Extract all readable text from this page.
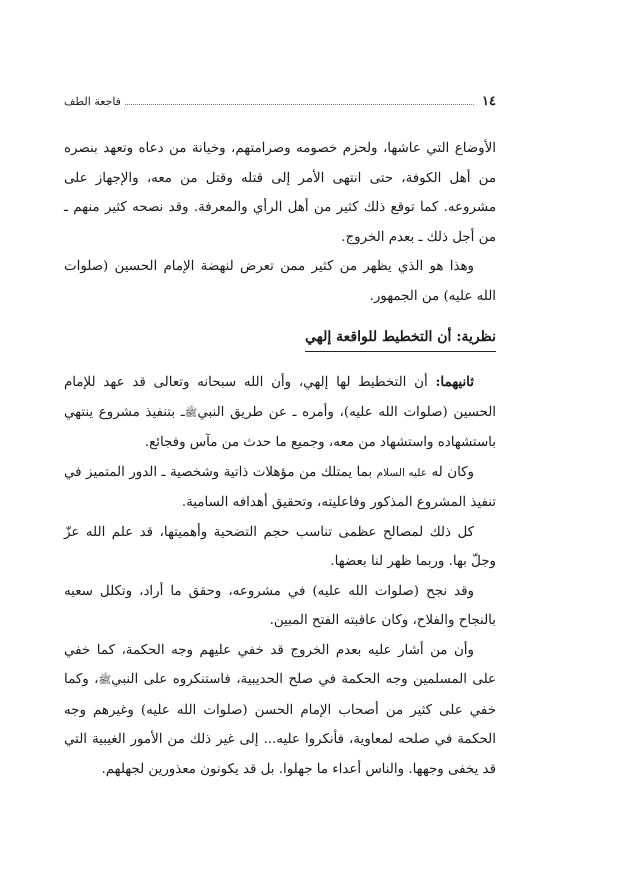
١٤
فاجعة الطف

الأوضاع التي عاشها، ولحزم خصومه وصرامتهم، وخيانة من دعاه وتعهد بنصره من أهل الكوفة، حتى انتهى الأمر إلى قتله وقتل من معه، والإجهاز على مشروعه. كما توقع ذلك كثير من أهل الرأي والمعرفة. وقد نصحه كثير منهم ـ من أجل ذلك ـ بعدم الخروج.

وهذا هو الذي يظهر من كثير ممن تعرض لنهضة الإمام الحسين (صلوات الله عليه) من الجمهور.

نظرية: أن التخطيط للواقعة إلهي

ثانيهما: أن التخطيط لها إلهي، وأن الله سبحانه وتعالى قد عهد للإمام الحسين (صلوات الله عليه)، وأمره ـ عن طريق النبيﷺـ بتنفيذ مشروع ينتهي باستشهاده واستشهاد من معه، وجميع ما حدث من مآس وفجائع.

وكان له عليه السلام بما يمتلك من مؤهلات ذاتية وشخصية ـ الدور المتميز في تنفيذ المشروع المذكور وفاعليته، وتحقيق أهدافه السامية.

كل ذلك لمصالح عظمى تناسب حجم التضحية وأهميتها، قد علم الله عزّ وجلّ بها. وربما ظهر لنا بعضها.

وقد نجح (صلوات الله عليه) في مشروعه، وحقق ما أراد، وتكلل سعيه بالنجاح والفلاح، وكان عاقبته الفتح المبين.

وأن من أشار عليه بعدم الخروج قد خفي عليهم وجه الحكمة، كما خفي على المسلمين وجه الحكمة في صلح الحديبية، فاستنكروه على النبيﷺ، وكما خفي على كثير من أصحاب الإمام الحسن (صلوات الله عليه) وغيرهم وجه الحكمة في صلحه لمعاوية، فأنكروا عليه... إلى غير ذلك من الأمور الغيبية التي قد يخفى وجهها. والناس أعداء ما جهلوا. بل قد يكونون معذورين لجهلهم.
